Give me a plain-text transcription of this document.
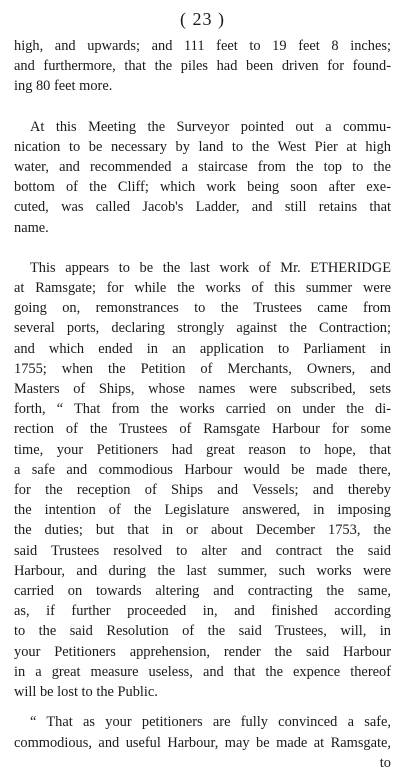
( 23 )
high, and upwards; and 111 feet to 19 feet 8 inches;
and furthermore, that the piles had been driven for found-
ing 80 feet more.
At this Meeting the Surveyor pointed out a commu-
nication to be necessary by land to the West Pier at high
water, and recommended a staircase from the top to the
bottom of the Cliff; which work being soon after exe-
cuted, was called Jacob's Ladder, and still retains that
name.
This appears to be the last work of Mr. ETHERIDGE
at Ramsgate; for while the works of this summer were
going on, remonstrances to the Trustees came from
several ports, declaring strongly against the Contraction;
and which ended in an application to Parliament in
1755; when the Petition of Merchants, Owners, and
Masters of Ships, whose names were subscribed, sets
forth, “ That from the works carried on under the di-
rection of the Trustees of Ramsgate Harbour for some
time, your Petitioners had great reason to hope, that
a safe and commodious Harbour would be made there,
for the reception of Ships and Vessels; and thereby
the intention of the Legislature answered, in imposing
the duties; but that in or about December 1753, the
said Trustees resolved to alter and contract the said
Harbour, and during the last summer, such works were
carried on towards altering and contracting the same,
as, if further proceeded in, and finished according
to the said Resolution of the said Trustees, will, in
your Petitioners apprehension, render the said Harbour
in a great measure useless, and that the expence thereof
will be lost to the Public.
“ That as your petitioners are fully convinced a safe,
commodious, and useful Harbour, may be made at Ramsgate,
to
